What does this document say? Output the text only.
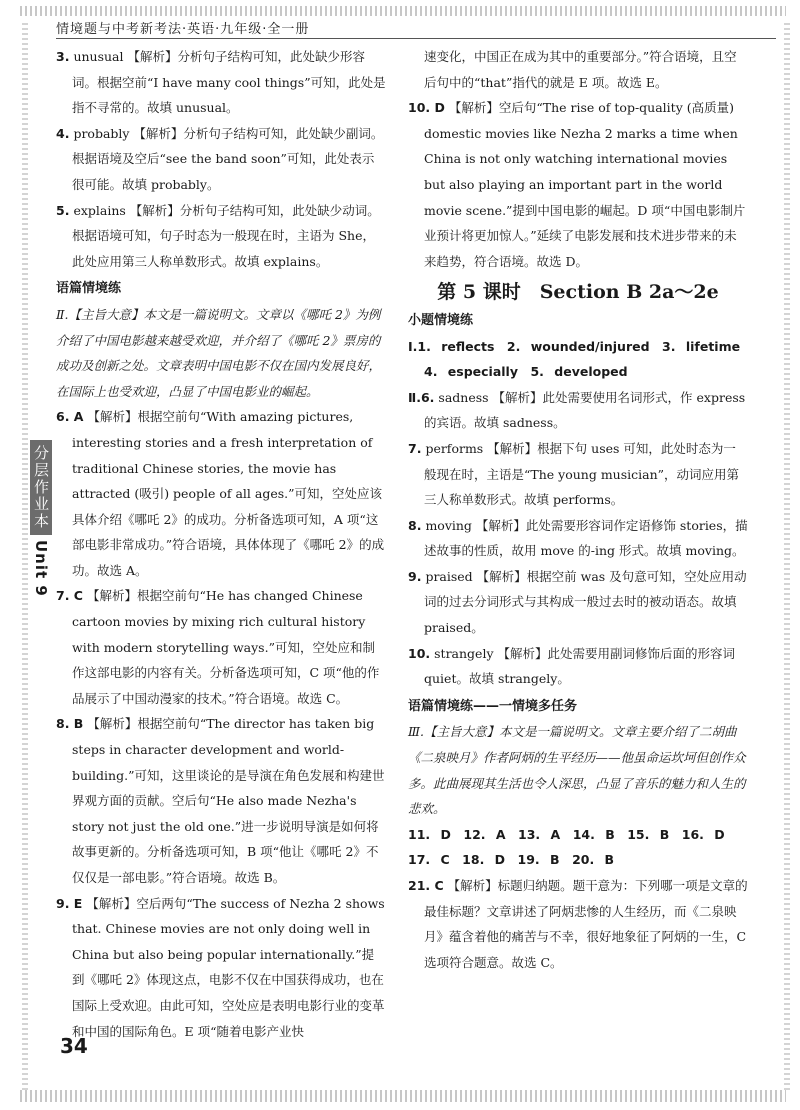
情境题与中考新考法·英语·九年级·全一册
分层作业本
Unit 9

3. unusual 【解析】分析句子结构可知，此处缺少形容词。根据空前“I have many cool things”可知，此处是指不寻常的。故填 unusual。

4. probably 【解析】分析句子结构可知，此处缺少副词。根据语境及空后“see the band soon”可知，此处表示很可能。故填 probably。

5. explains 【解析】分析句子结构可知，此处缺少动词。根据语境可知，句子时态为一般现在时，主语为 She，此处应用第三人称单数形式。故填 explains。

语篇情境练

Ⅱ.【主旨大意】本文是一篇说明文。文章以《哪吒 2》为例介绍了中国电影越来越受欢迎，并介绍了《哪吒 2》票房的成功及创新之处。文章表明中国电影不仅在国内发展良好，在国际上也受欢迎，凸显了中国电影业的崛起。

6. A 【解析】根据空前句“With amazing pictures, interesting stories and a fresh interpretation of traditional Chinese stories, the movie has attracted (吸引) people of all ages.”可知，空处应该具体介绍《哪吒 2》的成功。分析备选项可知，A 项“这部电影非常成功。”符合语境，具体体现了《哪吒 2》的成功。故选 A。

7. C 【解析】根据空前句“He has changed Chinese cartoon movies by mixing rich cultural history with modern storytelling ways.”可知，空处应和制作这部电影的内容有关。分析备选项可知，C 项“他的作品展示了中国动漫家的技术。”符合语境。故选 C。

8. B 【解析】根据空前句“The director has taken big steps in character development and world-building.”可知，这里谈论的是导演在角色发展和构建世界观方面的贡献。空后句“He also made Nezha's story not just the old one.”进一步说明导演是如何将故事更新的。分析备选项可知，B 项“他让《哪吒 2》不仅仅是一部电影。”符合语境。故选 B。

9. E 【解析】空后两句“The success of Nezha 2 shows that. Chinese movies are not only doing well in China but also being popular internationally.”提到《哪吒 2》体现这点，电影不仅在中国获得成功，也在国际上受欢迎。由此可知，空处应是表明电影行业的变革和中国的国际角色。E 项“随着电影产业快

速变化，中国正在成为其中的重要部分。”符合语境，且空后句中的“that”指代的就是 E 项。故选 E。

10. D 【解析】空后句“The rise of top-quality (高质量) domestic movies like Nezha 2 marks a time when China is not only watching international movies but also playing an important part in the world movie scene.”提到中国电影的崛起。D 项“中国电影制片业预计将更加惊人。”延续了电影发展和技术进步带来的未来趋势，符合语境。故选 D。

第 5 课时　Section B 2a～2e

小题情境练

Ⅰ.1. reflects　2. wounded/injured　3. lifetime

4. especially　5. developed

Ⅱ.6. sadness 【解析】此处需要使用名词形式，作 express 的宾语。故填 sadness。

7. performs 【解析】根据下句 uses 可知，此处时态为一般现在时，主语是“The young musician”，动词应用第三人称单数形式。故填 performs。

8. moving 【解析】此处需要形容词作定语修饰 stories，描述故事的性质，故用 move 的-ing 形式。故填 moving。

9. praised 【解析】根据空前 was 及句意可知，空处应用动词的过去分词形式与其构成一般过去时的被动语态。故填 praised。

10. strangely 【解析】此处需要用副词修饰后面的形容词 quiet。故填 strangely。

语篇情境练——一情境多任务

Ⅲ.【主旨大意】本文是一篇说明文。文章主要介绍了二胡曲《二泉映月》作者阿炳的生平经历——他虽命运坎坷但创作众多。此曲展现其生活也令人深思，凸显了音乐的魅力和人生的悲欢。

11. D　12. A　13. A　14. B　15. B　16. D

17. C　18. D　19. B　20. B

21. C 【解析】标题归纳题。题干意为：下列哪一项是文章的最佳标题？文章讲述了阿炳悲惨的人生经历，而《二泉映月》蕴含着他的痛苦与不幸，很好地象征了阿炳的一生，C 选项符合题意。故选 C。

34
